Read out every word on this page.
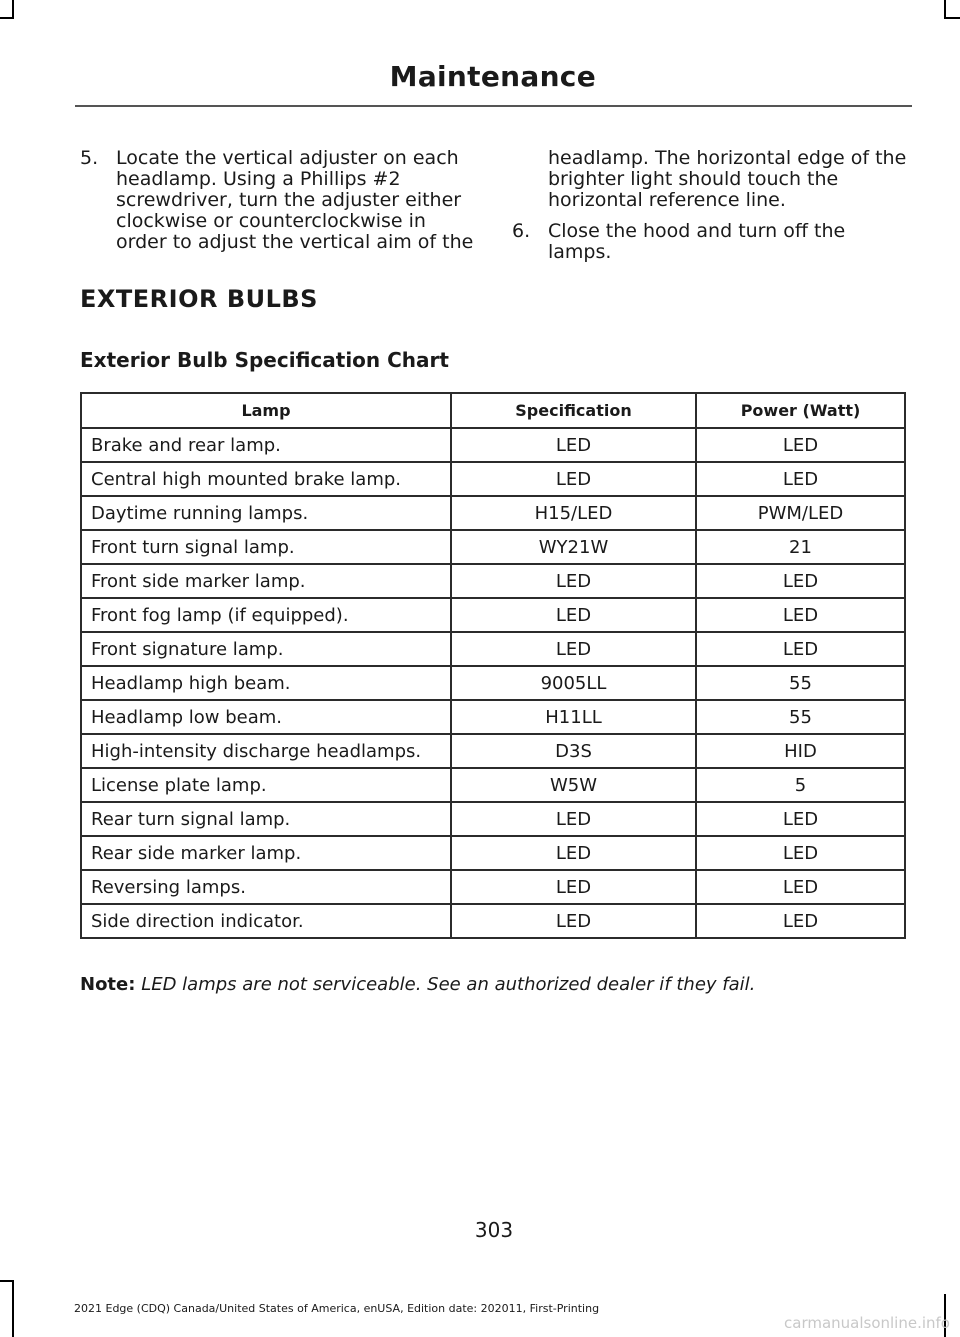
Maintenance
5. Locate the vertical adjuster on each headlamp. Using a Phillips #2 screwdriver, turn the adjuster either clockwise or counterclockwise in order to adjust the vertical aim of the
headlamp. The horizontal edge of the brighter light should touch the horizontal reference line.
6. Close the hood and turn off the lamps.
EXTERIOR BULBS
Exterior Bulb Specification Chart
Lamp	Specification	Power (Watt)
Brake and rear lamp.	LED	LED
Central high mounted brake lamp.	LED	LED
Daytime running lamps.	H15/LED	PWM/LED
Front turn signal lamp.	WY21W	21
Front side marker lamp.	LED	LED
Front fog lamp (if equipped).	LED	LED
Front signature lamp.	LED	LED
Headlamp high beam.	9005LL	55
Headlamp low beam.	H11LL	55
High-intensity discharge headlamps.	D3S	HID
License plate lamp.	W5W	5
Rear turn signal lamp.	LED	LED
Rear side marker lamp.	LED	LED
Reversing lamps.	LED	LED
Side direction indicator.	LED	LED
Note: LED lamps are not serviceable. See an authorized dealer if they fail.
303
2021 Edge (CDQ) Canada/United States of America, enUSA, Edition date: 202011, First-Printing
carmanualsonline.info
